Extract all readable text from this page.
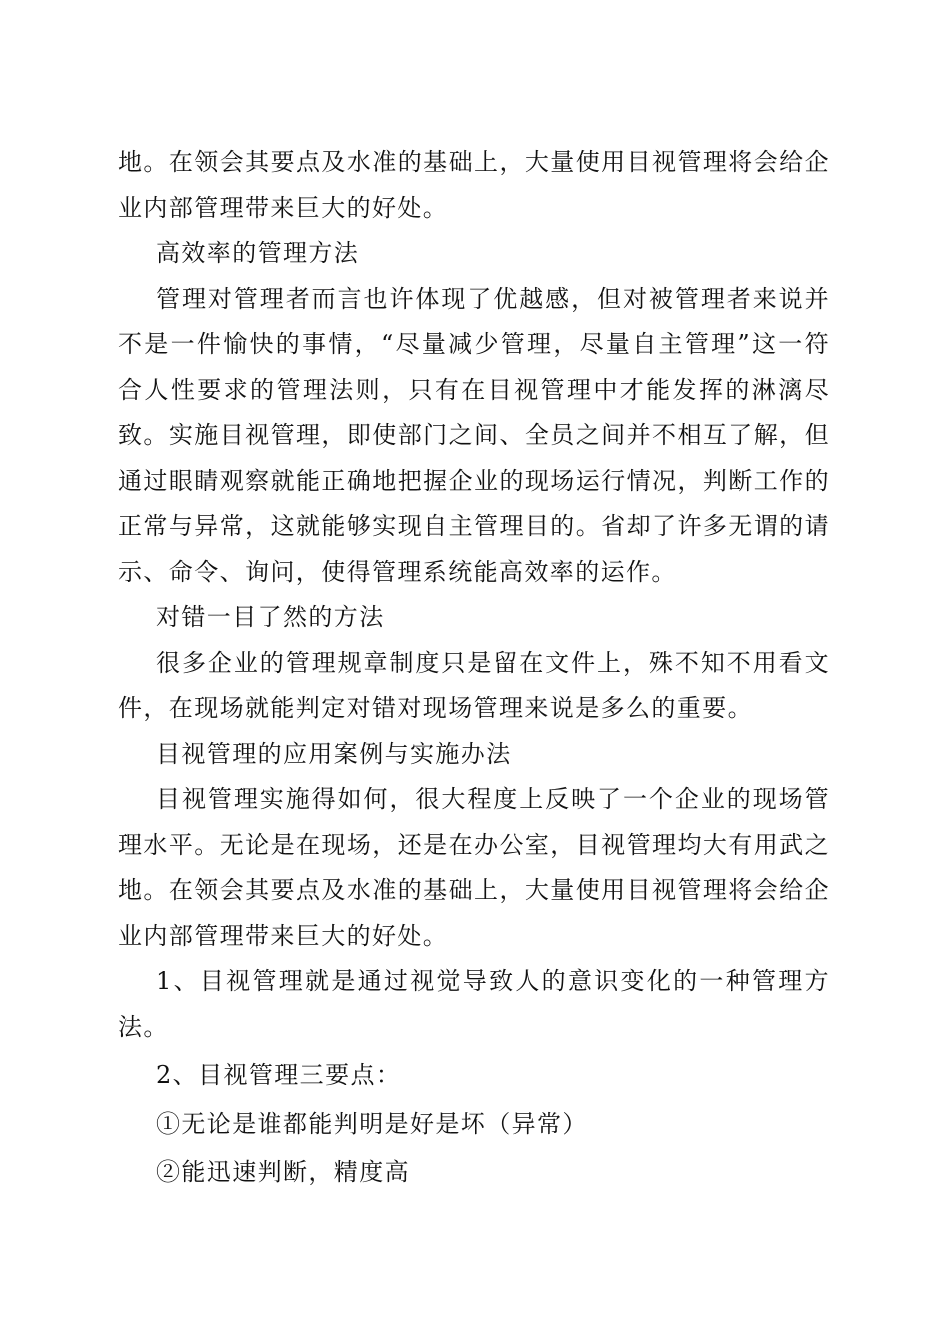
地。在领会其要点及水准的基础上，大量使用目视管理将会给企业内部管理带来巨大的好处。

高效率的管理方法

管理对管理者而言也许体现了优越感，但对被管理者来说并不是一件愉快的事情，“尽量减少管理，尽量自主管理”这一符合人性要求的管理法则，只有在目视管理中才能发挥的淋漓尽致。实施目视管理，即使部门之间、全员之间并不相互了解，但通过眼睛观察就能正确地把握企业的现场运行情况，判断工作的正常与异常，这就能够实现自主管理目的。省却了许多无谓的请示、命令、询问，使得管理系统能高效率的运作。

对错一目了然的方法

很多企业的管理规章制度只是留在文件上，殊不知不用看文件，在现场就能判定对错对现场管理来说是多么的重要。

目视管理的应用案例与实施办法

目视管理实施得如何，很大程度上反映了一个企业的现场管理水平。无论是在现场，还是在办公室，目视管理均大有用武之地。在领会其要点及水准的基础上，大量使用目视管理将会给企业内部管理带来巨大的好处。

1、目视管理就是通过视觉导致人的意识变化的一种管理方法。

2、目视管理三要点：

①无论是谁都能判明是好是坏（异常）

②能迅速判断，精度高
